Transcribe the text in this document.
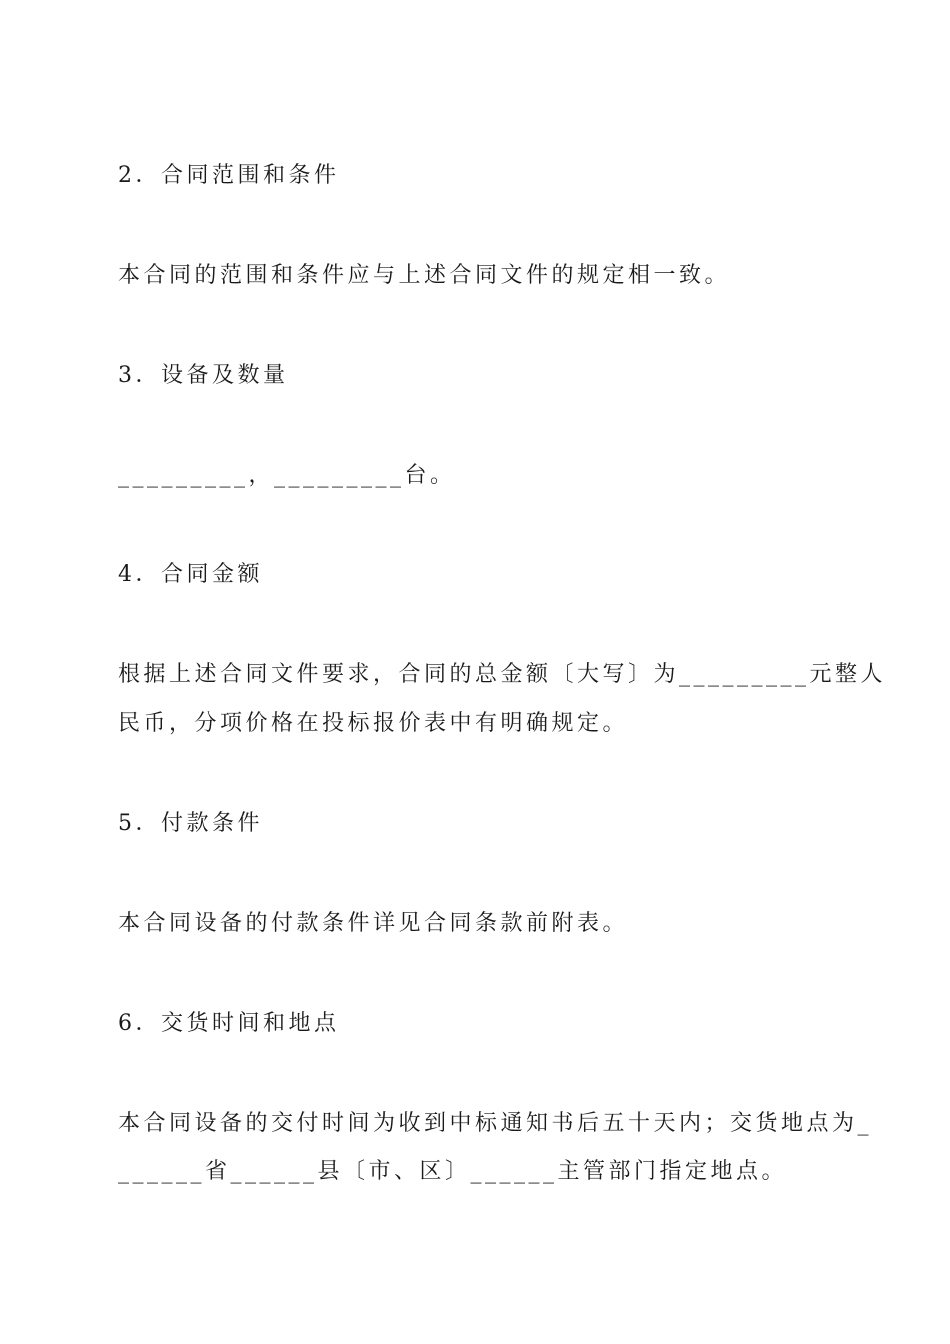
2．合同范围和条件
本合同的范围和条件应与上述合同文件的规定相一致。
3．设备及数量
_________，_________台。
4．合同金额
根据上述合同文件要求，合同的总金额〔大写〕为_________元整人
民币，分项价格在投标报价表中有明确规定。
5．付款条件
本合同设备的付款条件详见合同条款前附表。
6．交货时间和地点
本合同设备的交付时间为收到中标通知书后五十天内；交货地点为_
______省______县〔市、区〕______主管部门指定地点。
